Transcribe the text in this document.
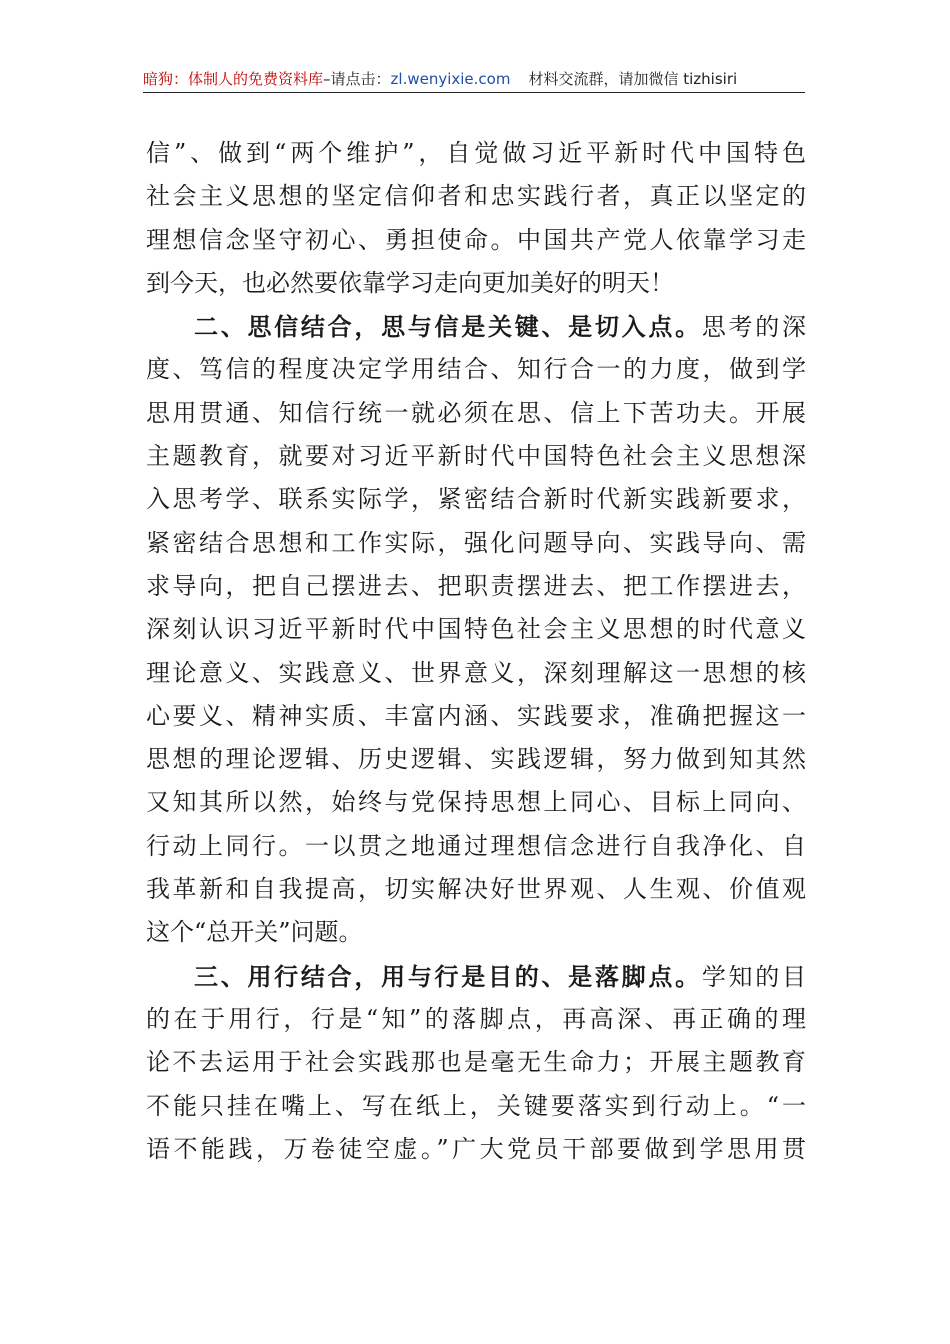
暗狗：体制人的免费资料库–请点击：zl.wenyixie.com 材料交流群，请加微信 tizhisiri
信”、做到“两个维护”，自觉做习近平新时代中国特色
社会主义思想的坚定信仰者和忠实践行者，真正以坚定的
理想信念坚守初心、勇担使命。中国共产党人依靠学习走
到今天，也必然要依靠学习走向更加美好的明天！
二、思信结合，思与信是关键、是切入点。思考的深
度、笃信的程度决定学用结合、知行合一的力度，做到学
思用贯通、知信行统一就必须在思、信上下苦功夫。开展
主题教育，就要对习近平新时代中国特色社会主义思想深
入思考学、联系实际学，紧密结合新时代新实践新要求，
紧密结合思想和工作实际，强化问题导向、实践导向、需
求导向，把自己摆进去、把职责摆进去、把工作摆进去，
深刻认识习近平新时代中国特色社会主义思想的时代意义
理论意义、实践意义、世界意义，深刻理解这一思想的核
心要义、精神实质、丰富内涵、实践要求，准确把握这一
思想的理论逻辑、历史逻辑、实践逻辑，努力做到知其然
又知其所以然，始终与党保持思想上同心、目标上同向、
行动上同行。一以贯之地通过理想信念进行自我净化、自
我革新和自我提高，切实解决好世界观、人生观、价值观
这个“总开关”问题。
三、用行结合，用与行是目的、是落脚点。学知的目
的在于用行，行是“知”的落脚点，再高深、再正确的理
论不去运用于社会实践那也是毫无生命力；开展主题教育
不能只挂在嘴上、写在纸上，关键要落实到行动上。“一
语不能践，万卷徒空虚。”广大党员干部要做到学思用贯
